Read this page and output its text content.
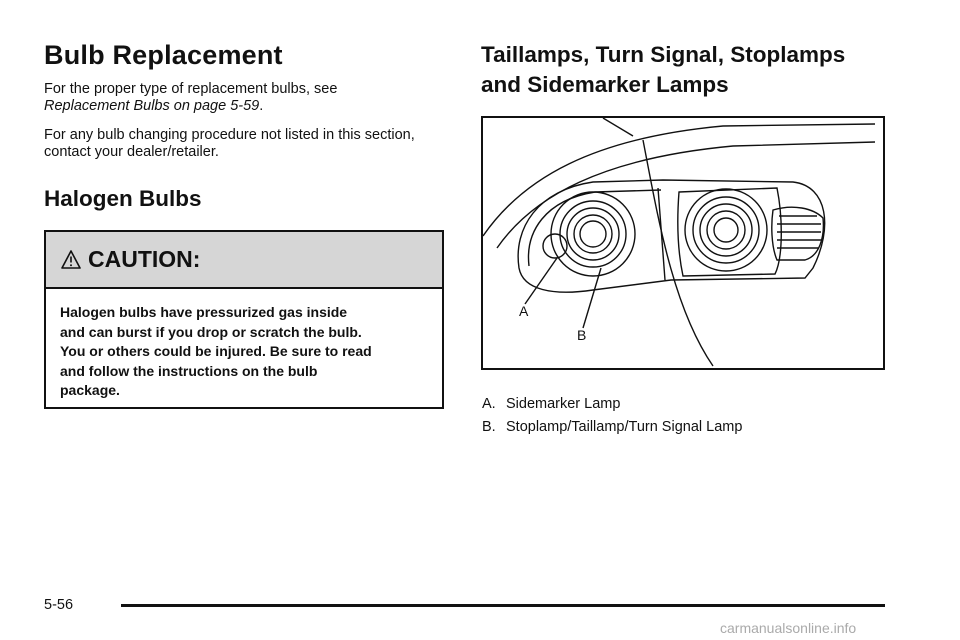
Bulb Replacement

For the proper type of replacement bulbs, see
Replacement Bulbs on page 5-59.

For any bulb changing procedure not listed in this section, contact your dealer/retailer.

Halogen Bulbs
CAUTION:
Halogen bulbs have pressurized gas inside
and can burst if you drop or scratch the bulb.
You or others could be injured. Be sure to read
and follow the instructions on the bulb
package.
Taillamps, Turn Signal, Stoplamps
and Sidemarker Lamps
A
B
A. Sidemarker Lamp
B. Stoplamp/Taillamp/Turn Signal Lamp
5-56
carmanualsonline.info
